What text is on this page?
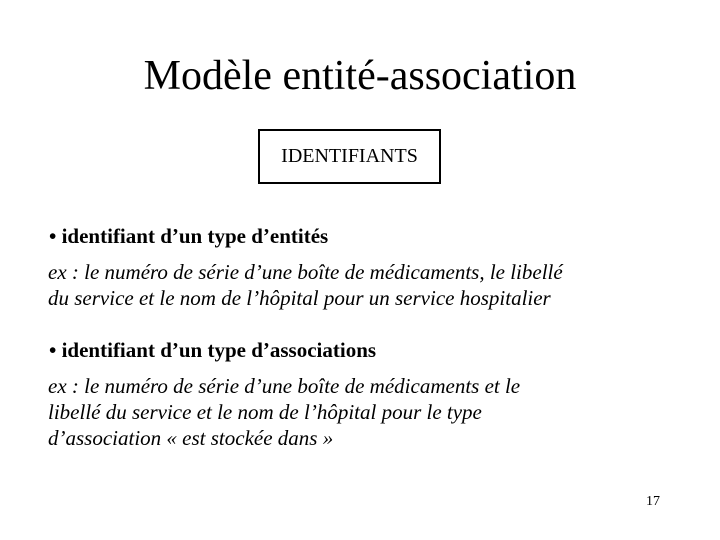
Modèle entité-association
IDENTIFIANTS
• identifiant d’un type d’entités
ex : le numéro de série d’une boîte de médicaments, le libellé
du service et le nom de l’hôpital pour un service hospitalier
• identifiant d’un type d’associations
ex : le numéro de série d’une boîte de médicaments et le
libellé du service et le nom de l’hôpital pour le type
d’association « est stockée dans »
17
